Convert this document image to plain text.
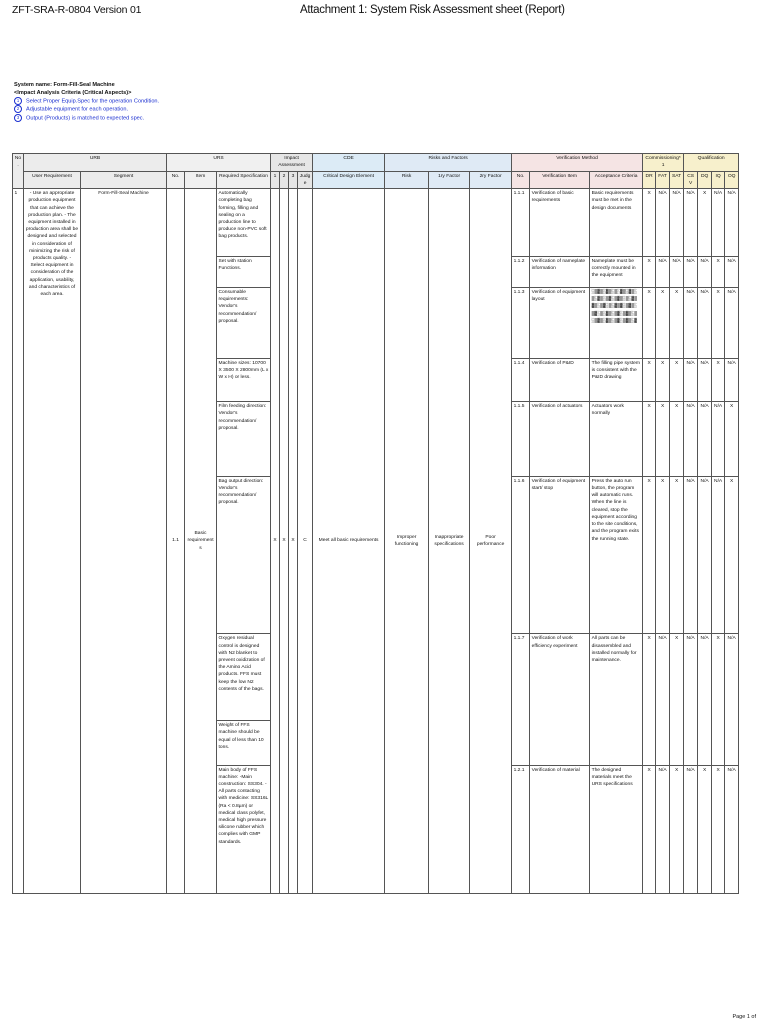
ZFT-SRA-R-0804 Version 01	Attachment 1: System Risk Assessment sheet (Report)
System name: Form-Fill-Seal Machine
<Impact Analysis Criteria (Critical Aspects)>
1 Select Proper Equip.Spec for the operation Condition.
2 Adjustable equipment for each operation.
3 Output (Products) is matched to expected spec.
No.	URB		URS			Impact Assessment				CDE	Risks and Factors			Verification Method			Commissioning*1			Qualification			
	User Requirement	Segment	No.	Item	Required Specification	1	2	3	Judge	Critical Design Element	Risk	1ry Factor	2ry Factor	No.	Verification Item	Acceptance Criteria	DR	FAT	SAT	CSV	DQ	IQ	OQ
1	- Use an appropriate production equipment that can achieve the production plan. - The equipment installed in production area shall be designed and selected in consideration of minimizing the risk of products quality. - Select equipment in consideration of the application, usability, and characteristics of each area.	Form-Fill-Seal Machine	1.1	Basic requirements	Automatically completing bag forming, filling and sealing on a production line to produce non-PVC soft bag products.	X	X	X	C	Meet all basic requirements	Improper functioning	Inappropriate specifications	Poor performance	1.1.1	Verification of basic requirements	Basic requirements must be met in the design documents	X	N/A	N/A	N/A	X	N/A	N/A
					Set with station Functions.									1.1.2	Verification of nameplate information	Nameplate must be correctly mounted in the equipment	X	N/A	N/A	N/A	N/A	X	N/A
					Consumable requirements: Vendor's recommendation/ proposal.									1.1.3	Verification of equipment layout	░▒▓▒░▓▒░▒░▓▒░▓▒░ ▒░▓▒░▒▓░▒▓▒░▒░▓▒ ▓▒░▒▓░▒░▓▒▓░▒▓▒░ ▒▓░▒░▓▒░▒▓░▒▓▒░▒ ░▒▓▒░▓▒░▒▓░▒▓▒░▓	X	X	X	N/A	N/A	X	N/A
					Machine sizes: 10700 X 3500 X 2800mm (L x W x H) or less.									1.1.4	Verification of P&ID	The filling pipe system is consistent with the P&ID drawing	X	X	X	N/A	N/A	X	N/A
					Film feeding direction: Vendor's recommendation/ proposal.									1.1.5	Verification of actuators	Actuators work normally	X	X	X	N/A	N/A	N/A	X
					Bag output direction: Vendor's recommendation/ proposal.									1.1.6	Verification of equipment start/ stop	Press the auto run button, the program will automatic runs. When the line is cleared, stop the equipment according to the site conditions, and the program exits the running state.	X	X	X	N/A	N/A	N/A	X
					Oxygen residual control is designed with N2 blanket to prevent oxidization of the Amino Acid products. FFS must keep the low N2 contents of the bags.									1.1.7	Verification of work efficiency experiment	All parts can be disassembled and installed normally for maintenance.	X	N/A	X	N/A	N/A	X	N/A
					Weight of FFS machine should be equal of less than 10 tons.																		
					Main body of FFS machine: -Main construction: SS304. -All parts contacting with medicine: SS316L (Ra < 0.8µm) or medical class polyfet, medical high pressure silicone rubber which complies with GMP standards.									1.2.1	Verification of material	The designed materials meet the URS specifications	X	N/A	X	N/A	X	X	N/A
Page 1 of
